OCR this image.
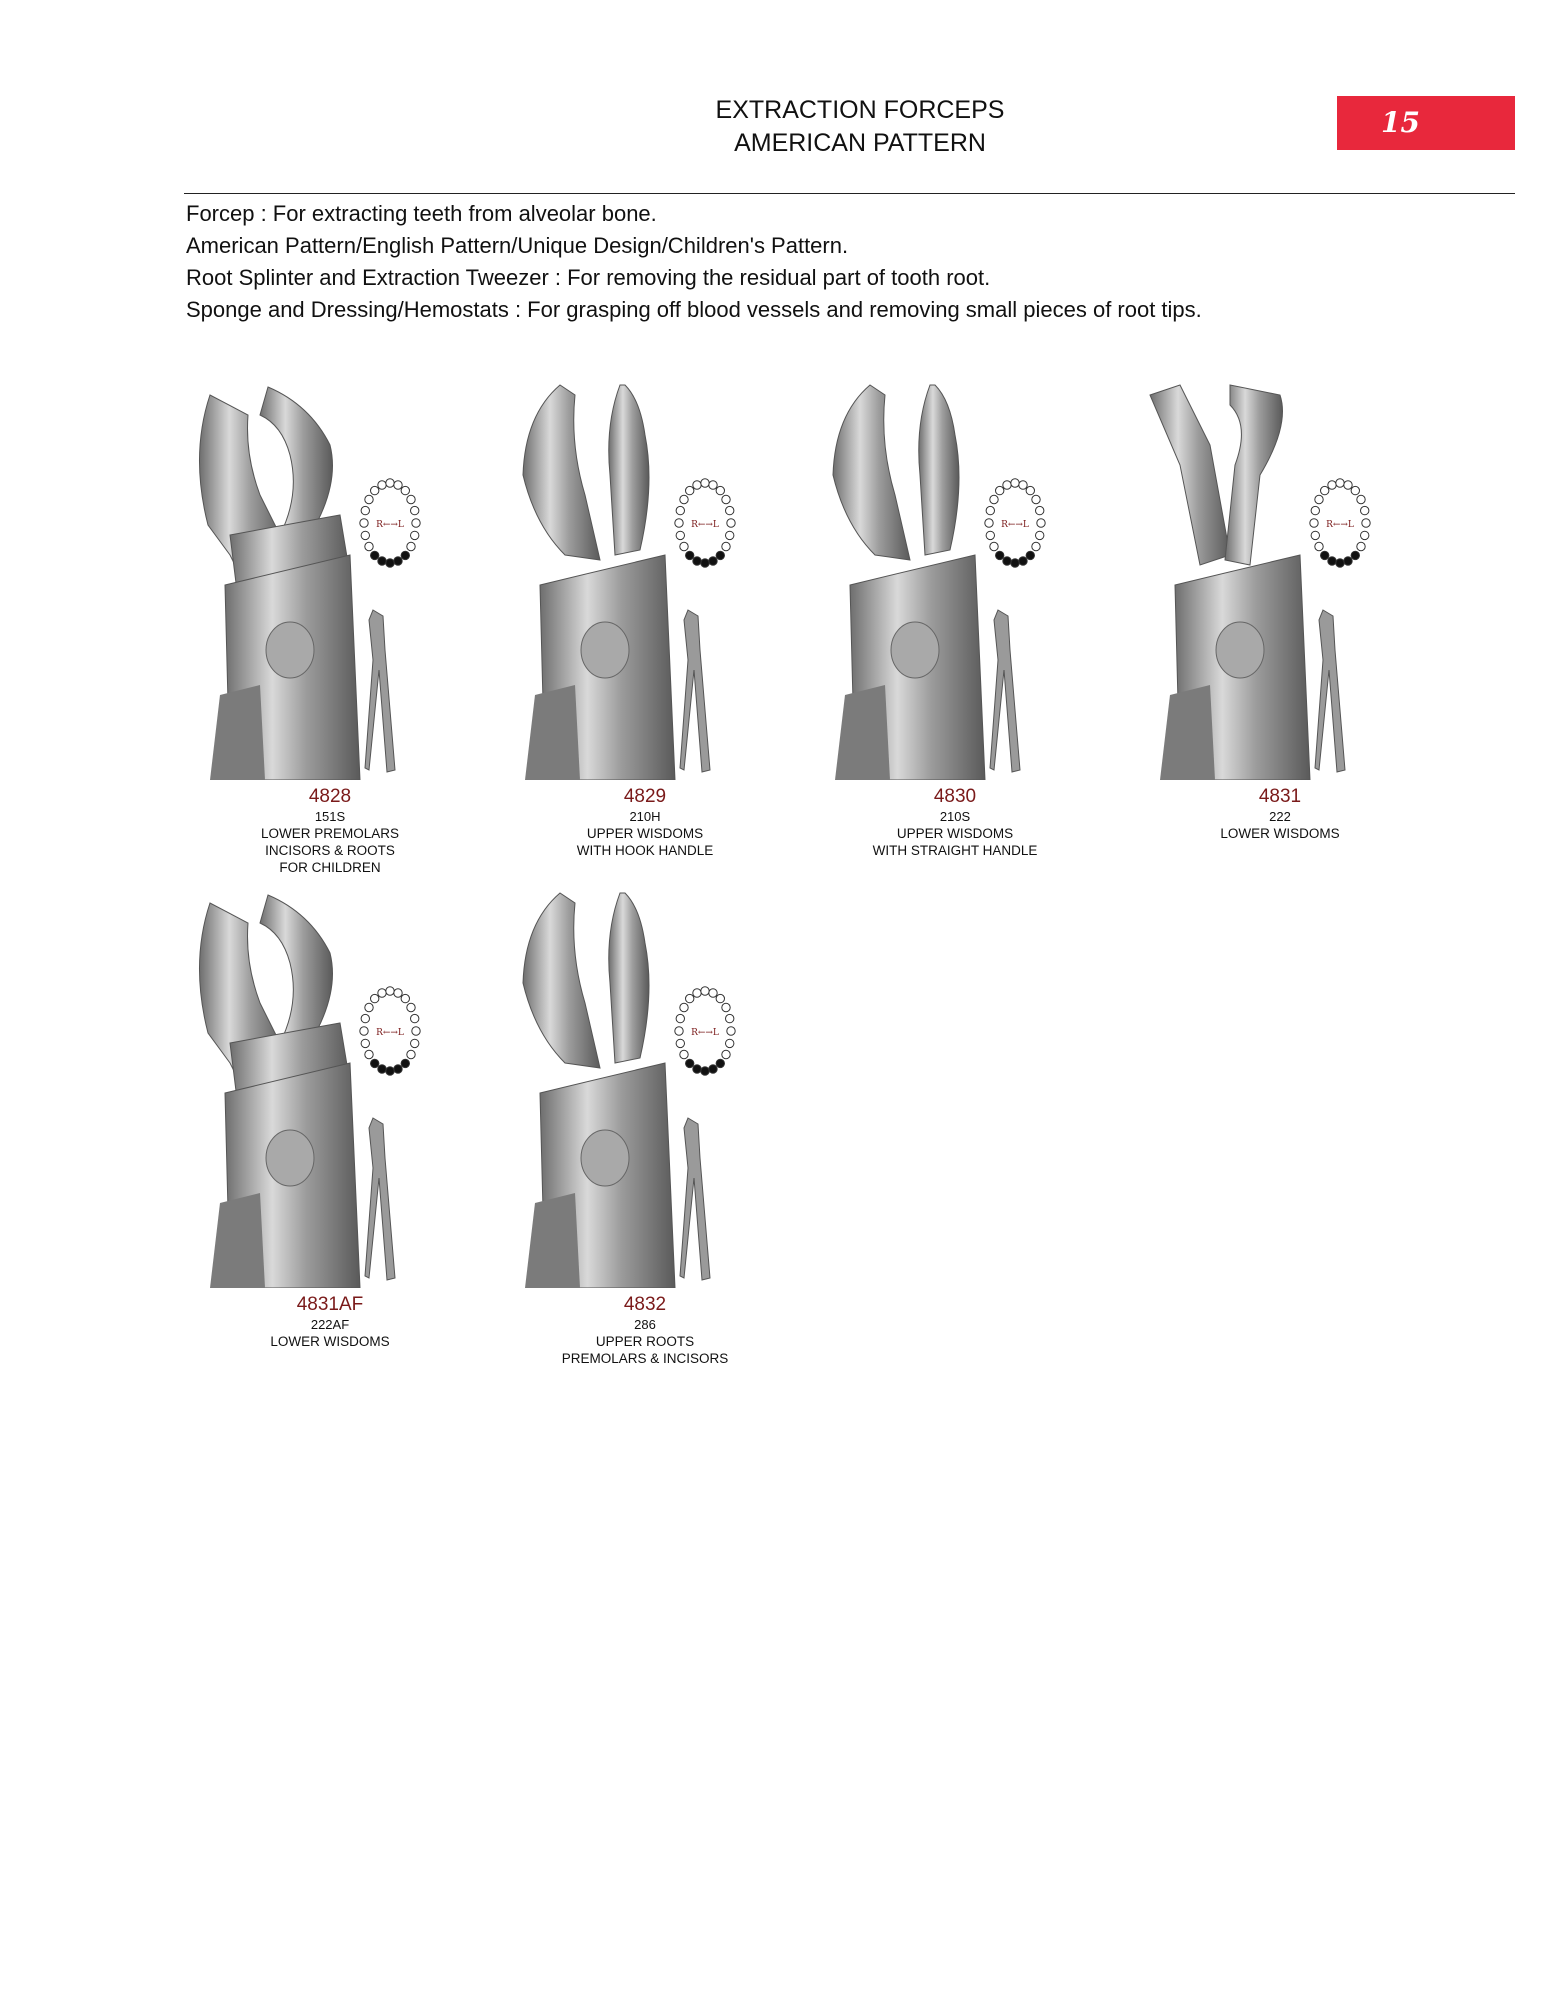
EXTRACTION FORCEPS
AMERICAN PATTERN
15
Forcep : For extracting teeth from alveolar bone.
American Pattern/English Pattern/Unique Design/Children's Pattern.
Root Splinter and Extraction Tweezer : For removing the residual part of tooth root.
Sponge and Dressing/Hemostats : For grasping off blood vessels and removing small pieces of root tips.
R←→L
4828
151S
LOWER PREMOLARS
INCISORS & ROOTS
FOR CHILDREN
R←→L
4829
210H
UPPER WISDOMS
WITH HOOK HANDLE
R←→L
4830
210S
UPPER WISDOMS
WITH STRAIGHT HANDLE
R←→L
4831
222
LOWER WISDOMS
R←→L
4831AF
222AF
LOWER WISDOMS
R←→L
4832
286
UPPER ROOTS
PREMOLARS & INCISORS
